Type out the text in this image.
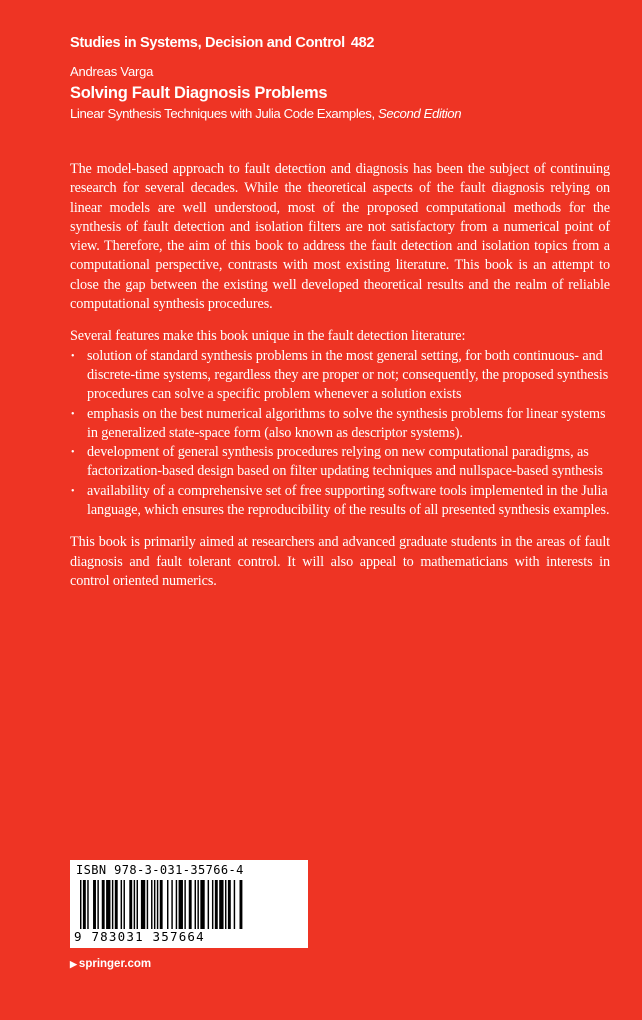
Studies in Systems, Decision and Control 482
Andreas Varga
Solving Fault Diagnosis Problems
Linear Synthesis Techniques with Julia Code Examples, Second Edition

The model-based approach to fault detection and diagnosis has been the subject of continuing research for several decades. While the theoretical aspects of the fault diagnosis relying on linear models are well understood, most of the proposed computational methods for the synthesis of fault detection and isolation filters are not satisfactory from a numerical point of view. Therefore, the aim of this book to address the fault detection and isolation topics from a computational perspective, contrasts with most existing literature. This book is an attempt to close the gap between the existing well developed theoretical results and the realm of reliable computational synthesis procedures.

Several features make this book unique in the fault detection literature:

• solution of standard synthesis problems in the most general setting, for both continuous- and discrete-time systems, regardless they are proper or not; consequently, the proposed synthesis procedures can solve a specific problem whenever a solution exists
• emphasis on the best numerical algorithms to solve the synthesis problems for linear systems in generalized state-space form (also known as descriptor systems).
• development of general synthesis procedures relying on new computational paradigms, as factorization-based design based on filter updating techniques and nullspace-based synthesis
• availability of a comprehensive set of free supporting software tools implemented in the Julia language, which ensures the reproducibility of the results of all presented synthesis examples.

This book is primarily aimed at researchers and advanced graduate students in the areas of fault diagnosis and fault tolerant control. It will also appeal to mathematicians with interests in control oriented numerics.

ISBN 978-3-031-35766-4
9 783031 357664
▶ springer.com
